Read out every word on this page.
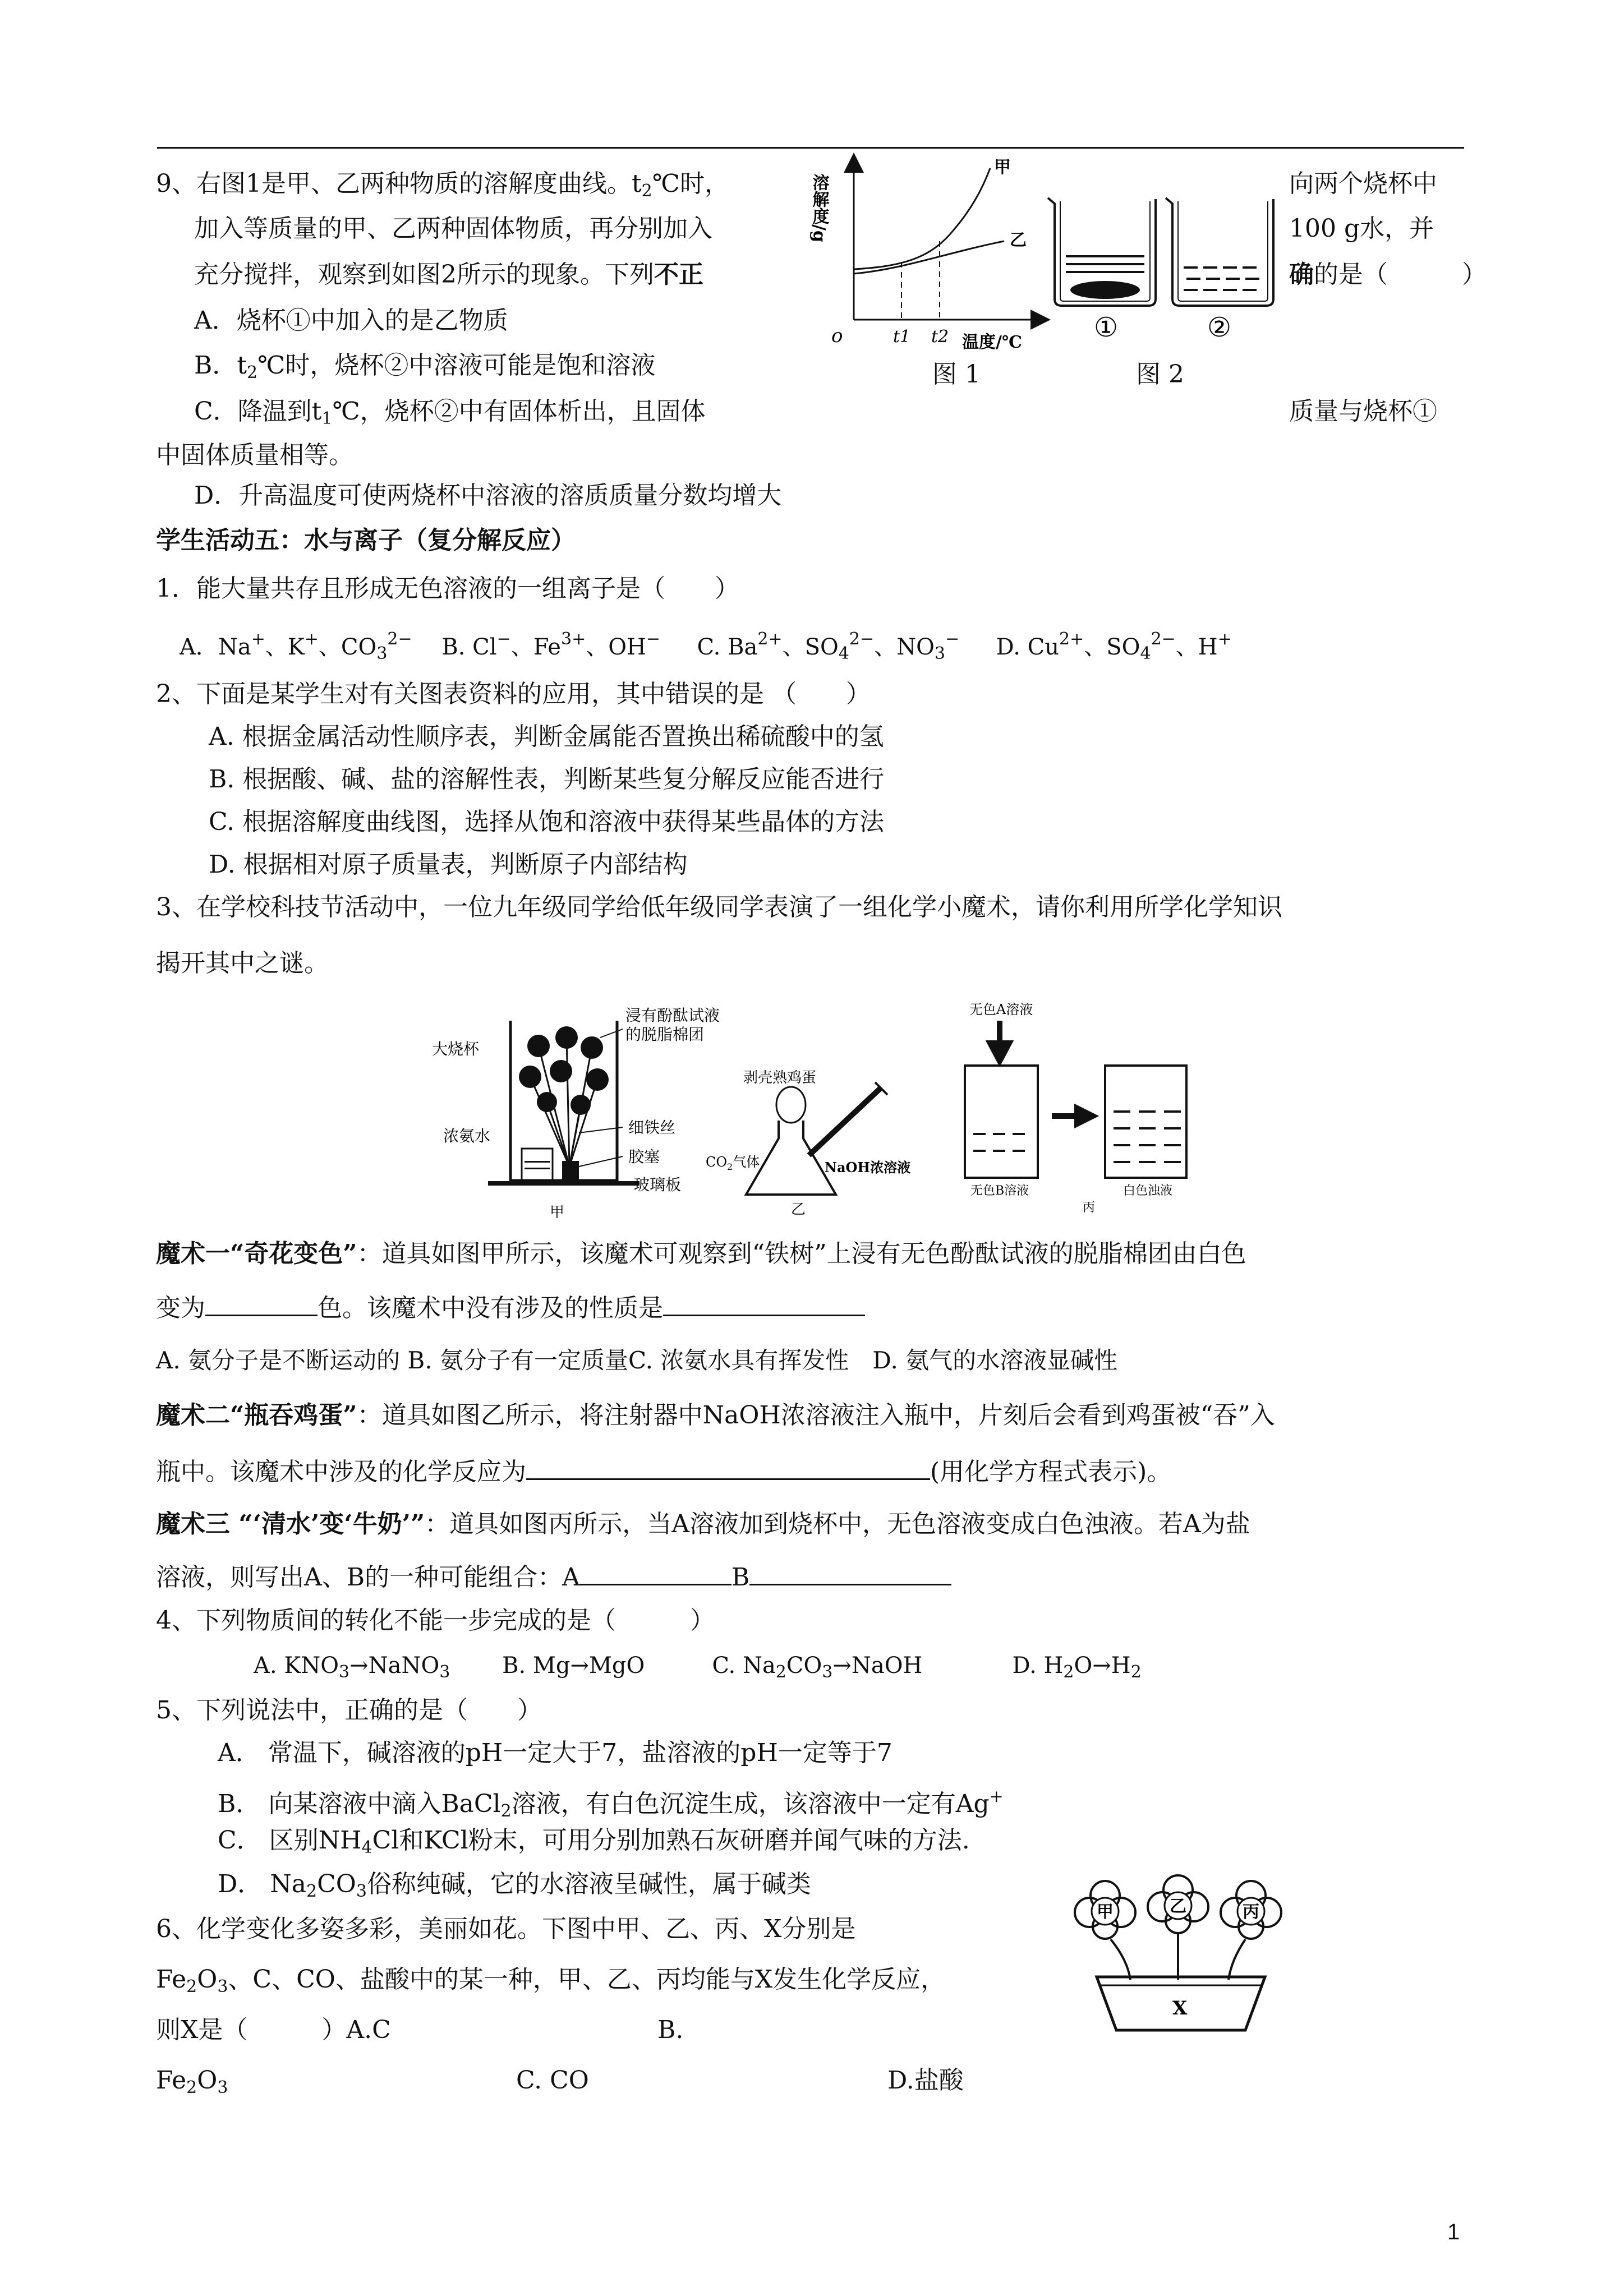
9、右图1是甲、乙两种物质的溶解度曲线。$t_2℃$时，	向两个烧杯中
加入等质量的甲、乙两种固体物质，再分别加入	100 g水，并
充分搅拌，观察到如图2所示的现象。下列不正	确的是（　　　）
A．烧杯①中加入的是乙物质
B．$t_2℃$时，烧杯②中溶液可能是饱和溶液
C．降温到$t_1℃$，烧杯②中有固体析出，且固体	质量与烧杯①
中固体质量相等。
D．升高温度可使两烧杯中溶液的溶质质量分数均增大
溶解度/g
o	t1 t2 温度/℃
甲
乙
①	②
图 1	图 2
学生活动五：水与离子（复分解反应）
1．能大量共存且形成无色溶液的一组离子是（　　）
A．Na+、K+、$CO_3^{2-}$　 B. Cl−、$Fe^{3+}$、OH−　 C. $Ba^{2+}$、$SO_4^{2-}$、$NO_3^-$　 D. $Cu^{2+}$、$SO_4^{2-}$、H+
2、下面是某学生对有关图表资料的应用，其中错误的是 （　　）
A. 根据金属活动性顺序表，判断金属能否置换出稀硫酸中的氢
B. 根据酸、碱、盐的溶解性表，判断某些复分解反应能否进行
C. 根据溶解度曲线图，选择从饱和溶液中获得某些晶体的方法
D. 根据相对原子质量表，判断原子内部结构
3、在学校科技节活动中，一位九年级同学给低年级同学表演了一组化学小魔术，请你利用所学化学知识
揭开其中之谜。
大烧杯
浸有酚酞试液
的脱脂棉团
浓氨水	细铁丝
胶塞
玻璃板
甲
剥壳熟鸡蛋
$CO_2$气体	NaOH浓溶液
乙
无色A溶液
无色B溶液
丙
白色浊液
魔术一“奇花变色”：道具如图甲所示，该魔术可观察到“铁树”上浸有无色酚酞试液的脱脂棉团由白色
变为	色。该魔术中没有涉及的性质是
A. 氨分子是不断运动的 B. 氨分子有一定质量C. 浓氨水具有挥发性　D. 氨气的水溶液显碱性
魔术二“瓶吞鸡蛋”：道具如图乙所示，将注射器中NaOH浓溶液注入瓶中，片刻后会看到鸡蛋被“吞”入
瓶中。该魔术中涉及的化学反应为	(用化学方程式表示)。
魔术三 “‘清水’变‘牛奶’”：道具如图丙所示，当A溶液加到烧杯中，无色溶液变成白色浊液。若A为盐
溶液，则写出A、B的一种可能组合：A	B
4、下列物质间的转化不能一步完成的是（　　　）
A. $KNO_3\to NaNO_3$　　 B. Mg→MgO　　　	C. $Na_2CO_3\to NaOH$　　　　D. $H_2O\to H_2$
5、下列说法中，正确的是（　　）
A． 常温下，碱溶液的pH一定大于7，盐溶液的pH一定等于7
B． 向某溶液中滴入BaCl$_2$溶液，有白色沉淀生成，该溶液中一定有Ag+
C． 区别$NH_4Cl$和KCl粉末，可用分别加熟石灰研磨并闻气味的方法.
D． $Na_2CO_3$俗称纯碱，它的水溶液呈碱性，属于碱类
6、化学变化多姿多彩，美丽如花。下图中甲、乙、丙、X分别是
$Fe_2O_3$、C、CO、盐酸中的某一种，甲、乙、丙均能与X发生化学反应，
则X是（　　　）A.C	B.
$Fe_2O_3$	C. CO	D.盐酸
甲	乙	丙
X
1
